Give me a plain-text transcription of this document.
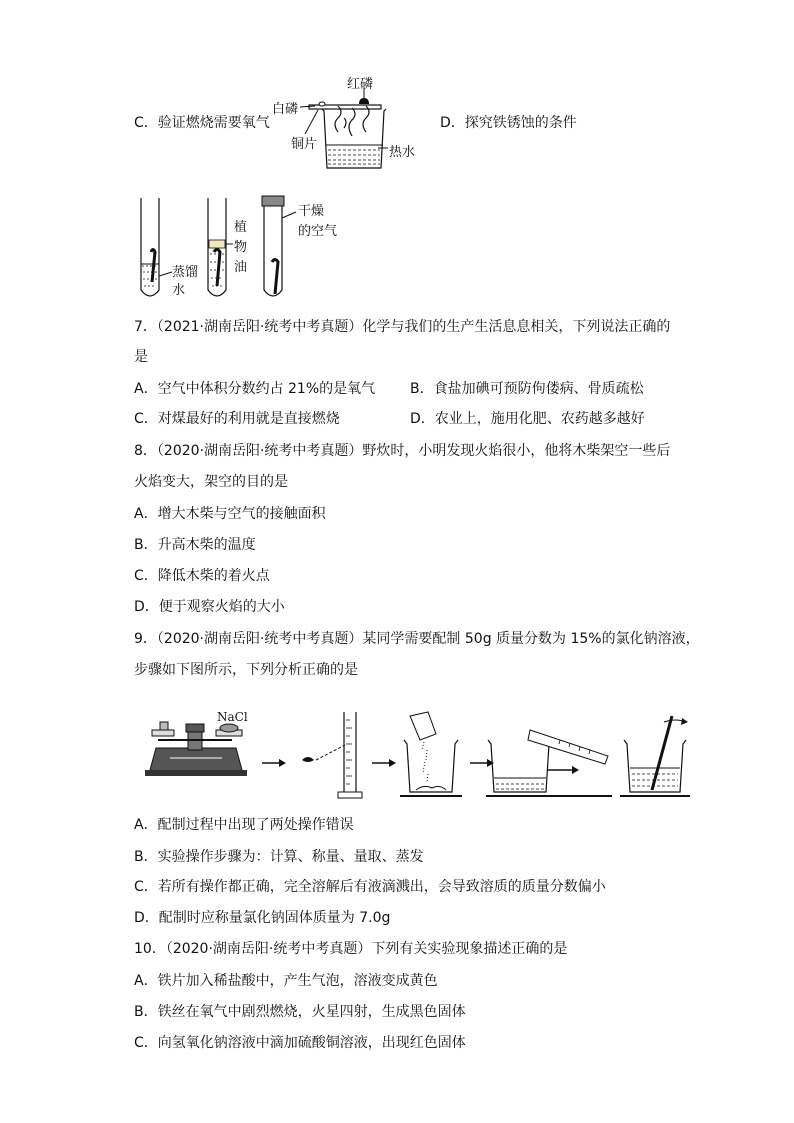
C．验证燃烧需要氧气	D．探究铁锈蚀的条件
红磷
白磷
铜片
热水
蒸馏
水
植
物
油
干燥
的空气
7．（2021·湖南岳阳·统考中考真题）化学与我们的生产生活息息相关，下列说法正确的
是
A．空气中体积分数约占 21%的是氧气 B．食盐加碘可预防佝偻病、骨质疏松
C．对煤最好的利用就是直接燃烧	D．农业上，施用化肥、农药越多越好
8．（2020·湖南岳阳·统考中考真题）野炊时，小明发现火焰很小，他将木柴架空一些后
火焰变大，架空的目的是
A．增大木柴与空气的接触面积
B．升高木柴的温度
C．降低木柴的着火点
D．便于观察火焰的大小
9．（2020·湖南岳阳·统考中考真题）某同学需要配制 50g 质量分数为 15%的氯化钠溶液，
步骤如下图所示，下列分析正确的是
NaCl
A．配制过程中出现了两处操作错误
B．实验操作步骤为：计算、称量、量取、蒸发
C．若所有操作都正确，完全溶解后有液滴溅出，会导致溶质的质量分数偏小
D．配制时应称量氯化钠固体质量为 7.0g
10．（2020·湖南岳阳·统考中考真题）下列有关实验现象描述正确的是
A．铁片加入稀盐酸中，产生气泡，溶液变成黄色
B．铁丝在氧气中剧烈燃烧，火星四射，生成黑色固体
C．向氢氧化钠溶液中滴加硫酸铜溶液，出现红色固体
